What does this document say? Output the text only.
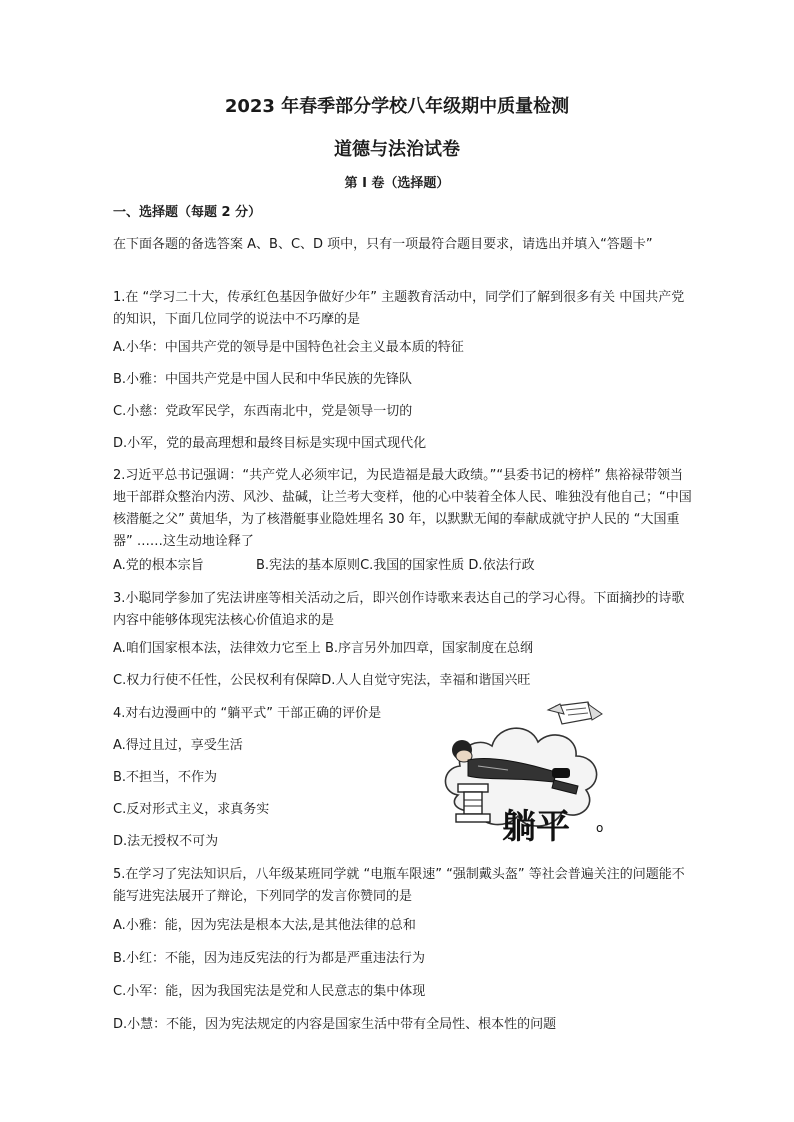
2023 年春季部分学校八年级期中质量检测
道德与法治试卷
第 I 卷（选择题）
一、选择题（每题 2 分）
在下面各题的备选答案 A、B、C、D 项中，只有一项最符合题目要求，请选出并填入“答题卡”
1.在 “学习二十大，传承红色基因争做好少年” 主题教育活动中，同学们了解到很多有关 中国共产党的知识，下面几位同学的说法中不巧摩的是
A.小华：中国共产党的领导是中国特色社会主义最本质的特征
B.小雅：中国共产党是中国人民和中华民族的先锋队
C.小慈：党政军民学，东西南北中，党是领导一切的
D.小军，党的最高理想和最终目标是实现中国式现代化
2.习近平总书记强调：“共产党人必须牢记，为民造福是最大政绩。”“县委书记的榜样” 焦裕禄带领当地干部群众整治内涝、风沙、盐碱，让兰考大变样，他的心中装着全体人民、唯独没有他自己；“中国核潜艇之父” 黄旭华，为了核潜艇事业隐姓埋名 30 年，以默默无闻的奉献成就守护人民的 “大国重器” ……这生动地诠释了
A.党的根本宗旨	B.宪法的基本原则C.我国的国家性质 D.依法行政
3.小聪同学参加了宪法讲座等相关活动之后，即兴创作诗歌来表达自己的学习心得。下面摘抄的诗歌内容中能够体现宪法核心价值追求的是
A.咱们国家根本法，法律效力它至上 B.序言另外加四章，国家制度在总纲
C.权力行使不任性，公民权利有保障D.人人自觉守宪法，幸福和谐国兴旺
4.对右边漫画中的 “躺平式” 干部正确的评价是
A.得过且过，享受生活
B.不担当，不作为
C.反对形式主义，求真务实
D.法无授权不可为	躺平 o
5.在学习了宪法知识后，八年级某班同学就 “电瓶车限速” “强制戴头盔” 等社会普遍关注的问题能不能写进宪法展开了辩论，下列同学的发言你赞同的是
A.小雅：能，因为宪法是根本大法,是其他法律的总和
B.小红：不能，因为违反宪法的行为都是严重违法行为
C.小军：能，因为我国宪法是党和人民意志的集中体现
D.小慧：不能，因为宪法规定的内容是国家生活中带有全局性、根本性的问题
